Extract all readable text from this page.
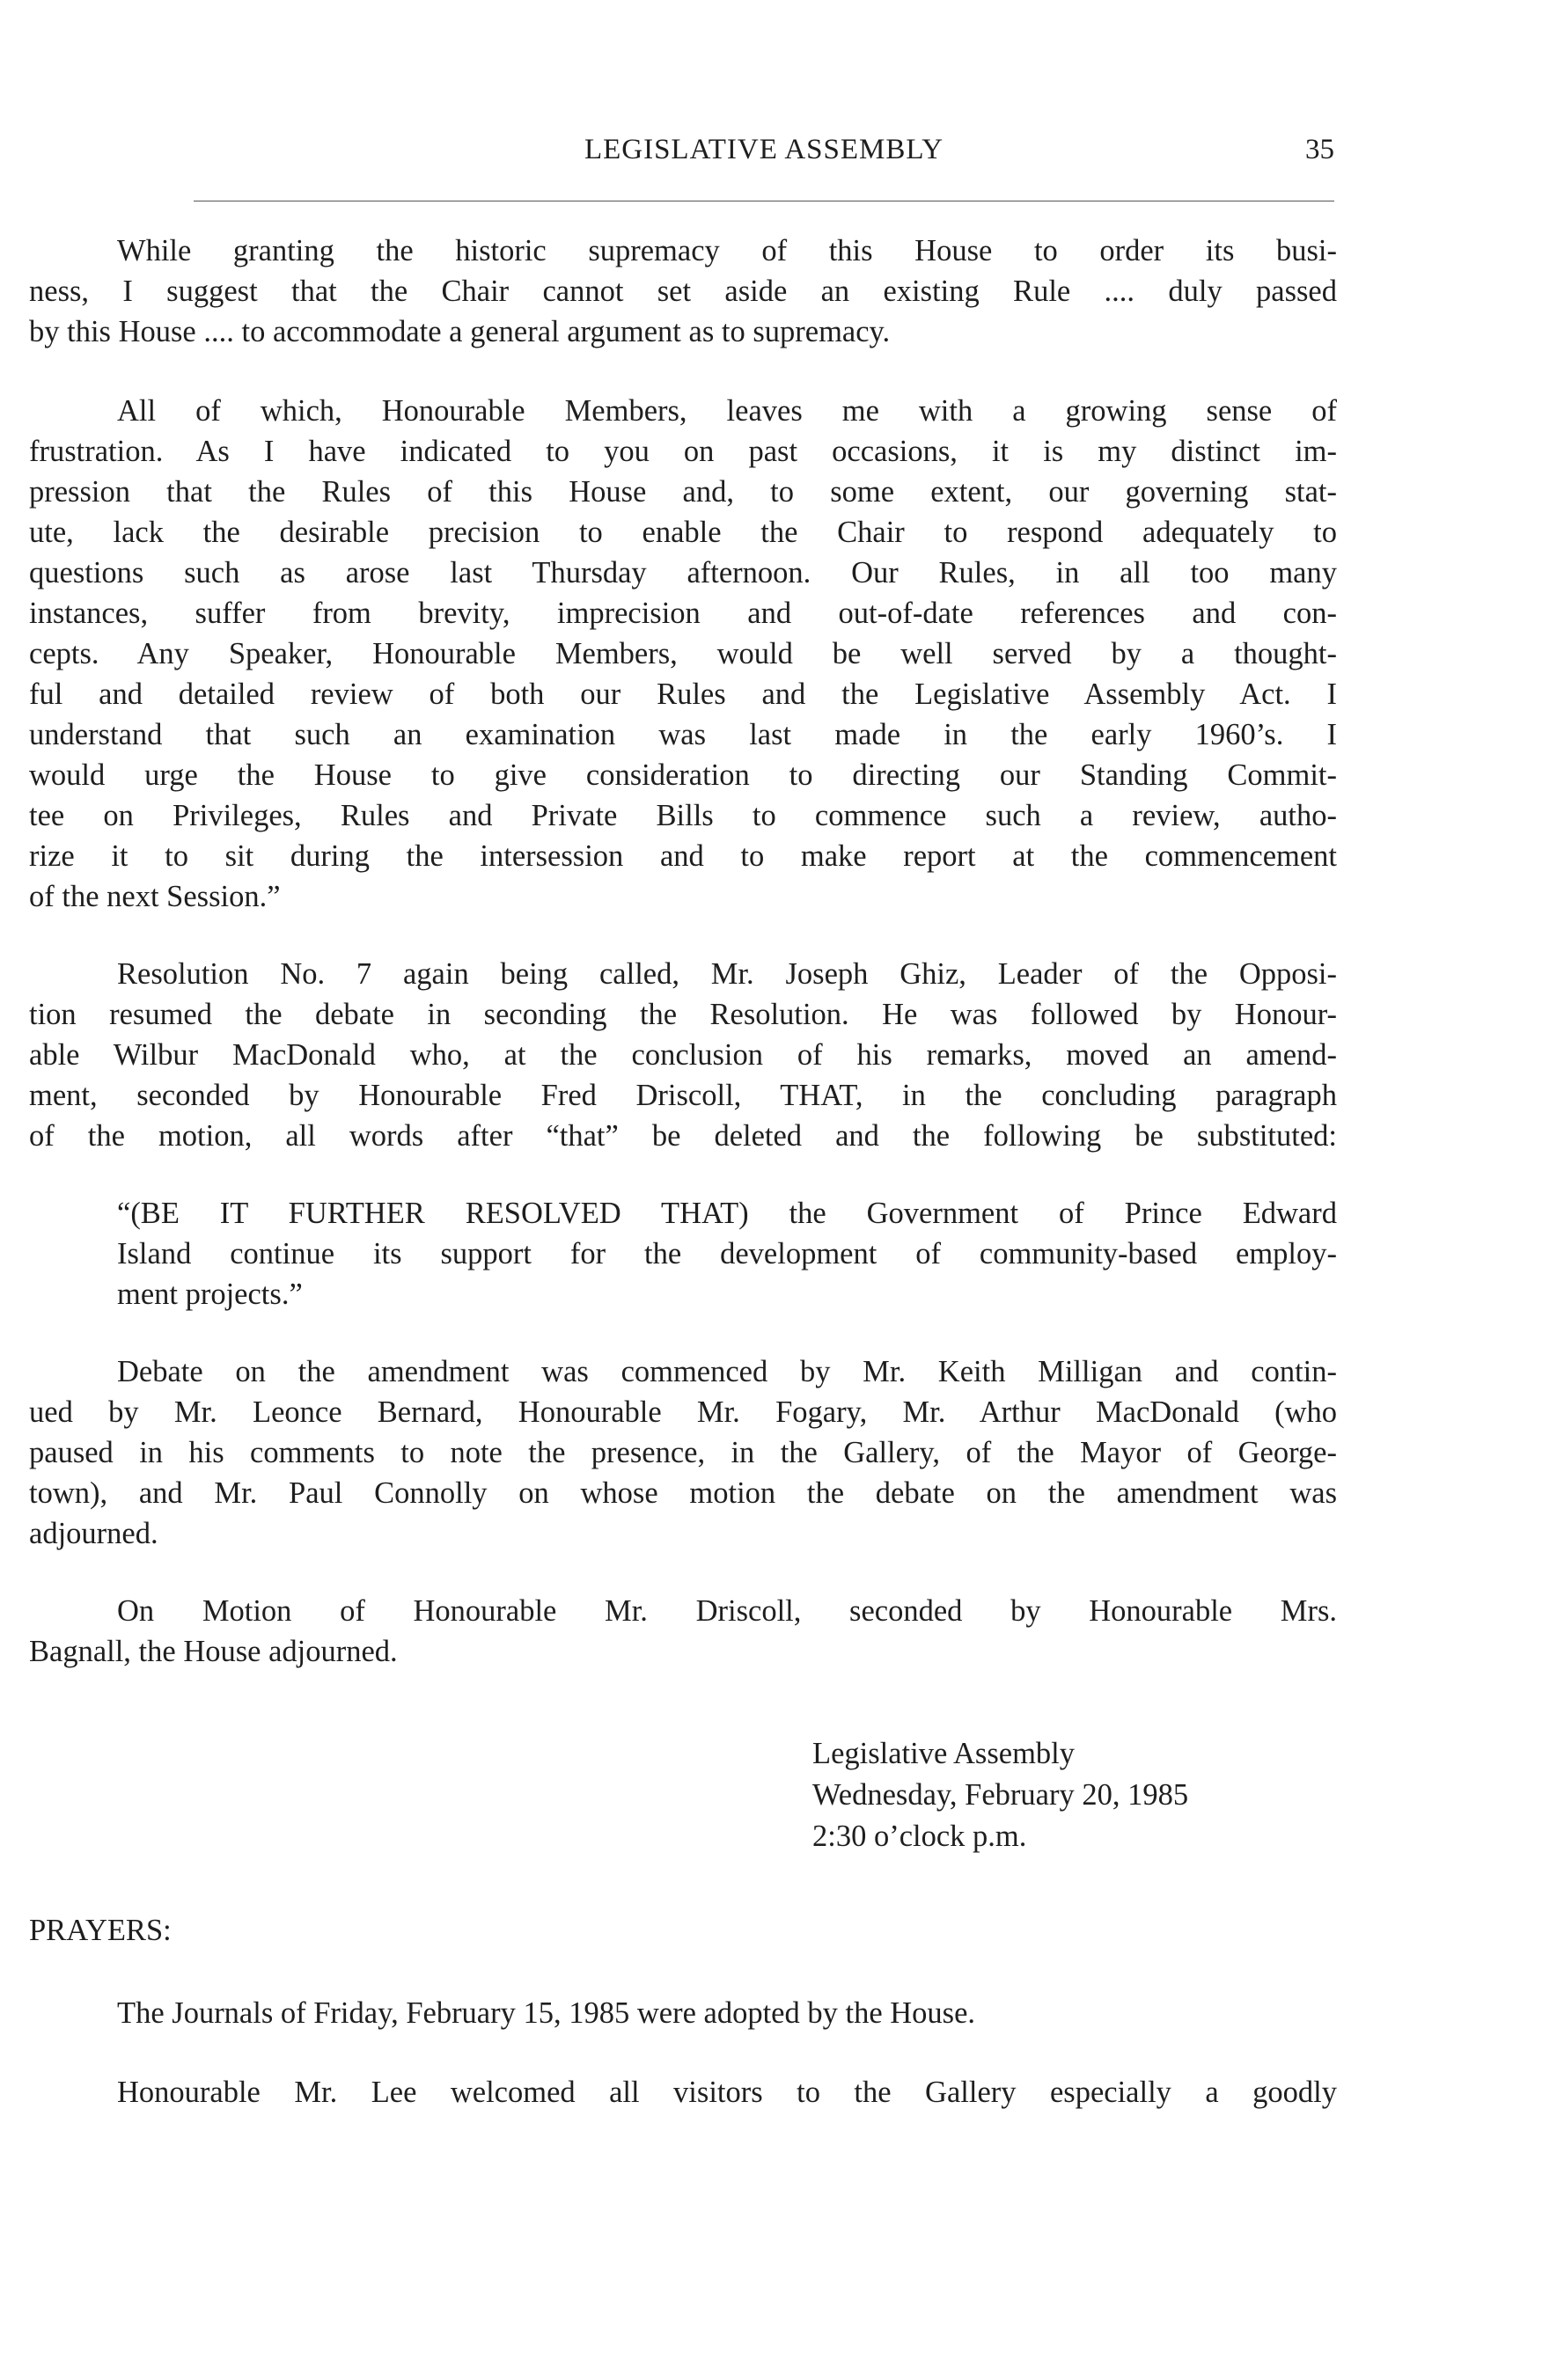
LEGISLATIVE ASSEMBLY	35
While granting the historic supremacy of this House to order its busi-
ness, I suggest that the Chair cannot set aside an existing Rule .... duly passed
by this House .... to accommodate a general argument as to supremacy.
All of which, Honourable Members, leaves me with a growing sense of
frustration. As I have indicated to you on past occasions, it is my distinct im-
pression that the Rules of this House and, to some extent, our governing stat-
ute, lack the desirable precision to enable the Chair to respond adequately to
questions such as arose last Thursday afternoon. Our Rules, in all too many
instances, suffer from brevity, imprecision and out-of-date references and con-
cepts. Any Speaker, Honourable Members, would be well served by a thought-
ful and detailed review of both our Rules and the Legislative Assembly Act. I
understand that such an examination was last made in the early 1960’s. I
would urge the House to give consideration to directing our Standing Commit-
tee on Privileges, Rules and Private Bills to commence such a review, autho-
rize it to sit during the intersession and to make report at the commencement
of the next Session.”
Resolution No. 7 again being called, Mr. Joseph Ghiz, Leader of the Opposi-
tion resumed the debate in seconding the Resolution. He was followed by Honour-
able Wilbur MacDonald who, at the conclusion of his remarks, moved an amend-
ment, seconded by Honourable Fred Driscoll, THAT, in the concluding paragraph
of the motion, all words after “that” be deleted and the following be substituted:
“(BE IT FURTHER RESOLVED THAT) the Government of Prince Edward
Island continue its support for the development of community-based employ-
ment projects.”
Debate on the amendment was commenced by Mr. Keith Milligan and contin-
ued by Mr. Leonce Bernard, Honourable Mr. Fogary, Mr. Arthur MacDonald (who
paused in his comments to note the presence, in the Gallery, of the Mayor of George-
town), and Mr. Paul Connolly on whose motion the debate on the amendment was
adjourned.
On Motion of Honourable Mr. Driscoll, seconded by Honourable Mrs.
Bagnall, the House adjourned.
Legislative Assembly
Wednesday, February 20, 1985
2:30 o’clock p.m.
PRAYERS:
The Journals of Friday, February 15, 1985 were adopted by the House.
Honourable Mr. Lee welcomed all visitors to the Gallery especially a goodly
